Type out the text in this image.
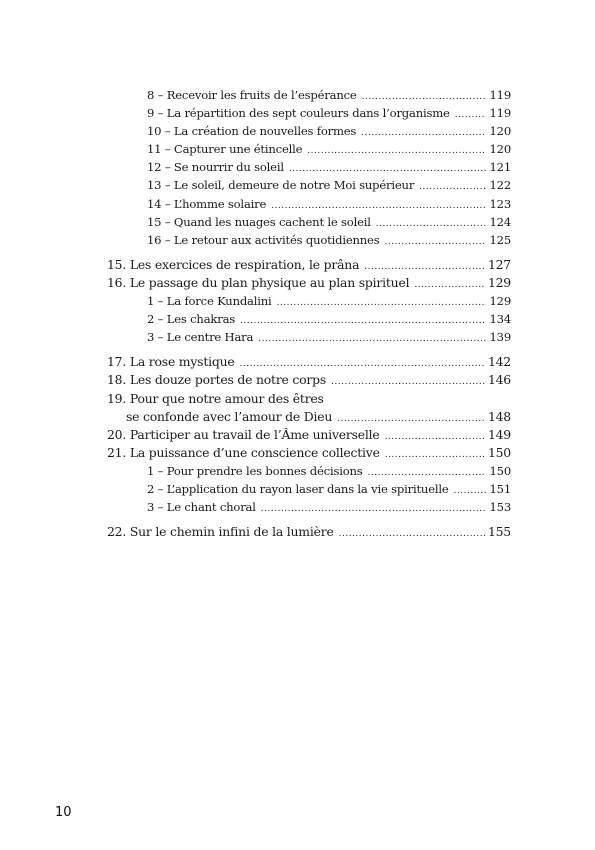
8 – Recevoir les fruits de l’espérance .....	119
9 – La répartition des sept couleurs dans l’organisme .....	119
10 – La création de nouvelles formes .....	120
11 – Capturer une étincelle .....	120
12 – Se nourrir du soleil .....	121
13 – Le soleil, demeure de notre Moi supérieur .....	122
14 – L’homme solaire .....	123
15 – Quand les nuages cachent le soleil .....	124
16 – Le retour aux activités quotidiennes .....	125
15. Les exercices de respiration, le prâna .....	127
16. Le passage du plan physique au plan spirituel .....	129
1 – La force Kundalini .....	129
2 – Les chakras .....	134
3 – Le centre Hara .....	139
17. La rose mystique .....	142
18. Les douze portes de notre corps .....	146
19. Pour que notre amour des êtres
se confonde avec l’amour de Dieu .....	148
20. Participer au travail de l’Âme universelle .....	149
21. La puissance d’une conscience collective .....	150
1 – Pour prendre les bonnes décisions .....	150
2 – L’application du rayon laser dans la vie spirituelle .....	151
3 – Le chant choral .....	153
22. Sur le chemin infini de la lumière .....	155
10
